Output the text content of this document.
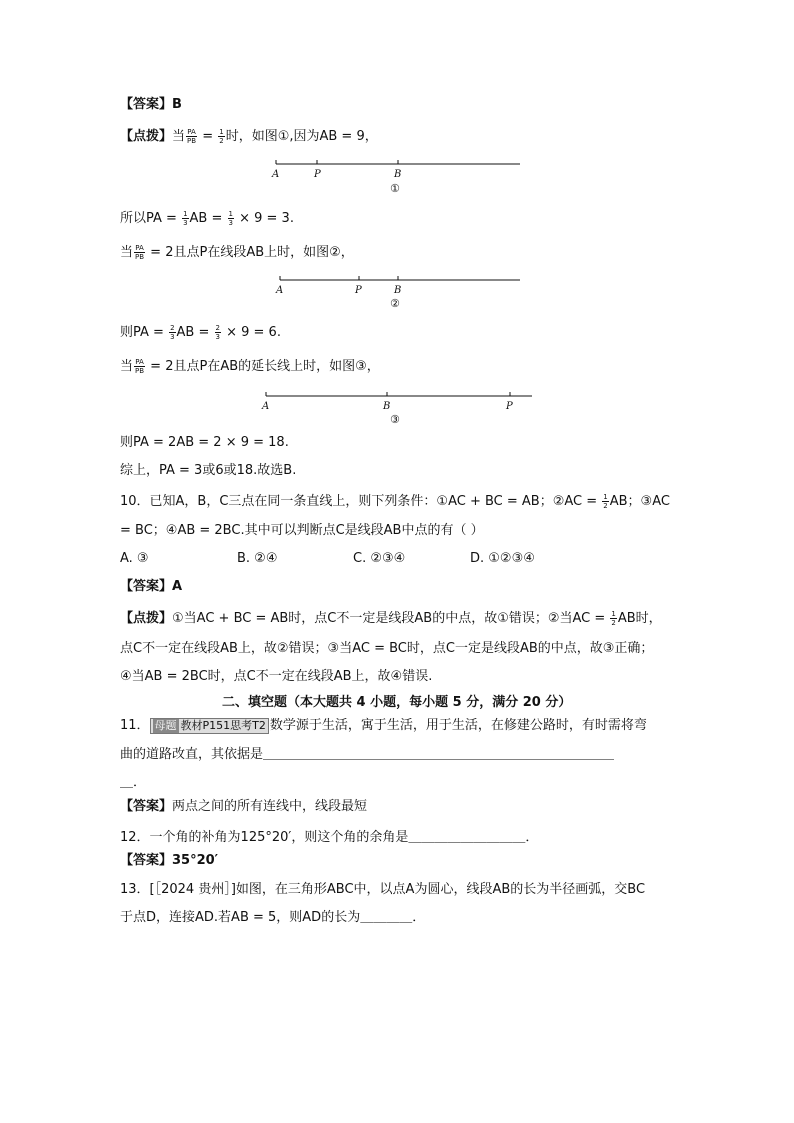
【答案】B
【点拨】当 $\frac{PA}{PB} = \frac{1}{2}$ 时，如图①,因为AB = 9，
A	P	B
①
所以PA = $\frac{1}{3}$ AB = $\frac{1}{3} \times 9 = 3$.
当 $\frac{PA}{PB} = 2$且点P在线段AB上时，如图②，
A	P	B
②
则PA = $\frac{2}{3}$ AB = $\frac{2}{3} \times 9 = 6$.
当 $\frac{PA}{PB} = 2$且点P在AB的延长线上时，如图③，
A	B	P
③
则PA = 2AB = 2 × 9 = 18.
综上，PA = 3或6或18.故选B.
10．已知A，B，C三点在同一条直线上，则下列条件：①AC + BC = AB；②AC = $\frac{1}{2}$ AB；③AC
= BC；④AB = 2BC.其中可以判断点C是线段AB中点的有（ ）
A. ③	B. ②④	C. ②③④	D. ①②③④
【答案】A
【点拨】①当AC + BC = AB时，点C不一定是线段AB的中点，故①错误；②当AC = $\frac{1}{2}$ AB时，
点C不一定在线段AB上，故②错误；③当AC = BC时，点C一定是线段AB的中点，故③正确；
④当AB = 2BC时，点C不一定在线段AB上，故④错误.
二、填空题（本大题共 4 小题，每小题 5 分，满分 20 分）
11． 母题 教材P151思考T2 数学源于生活，寓于生活，用于生活，在修建公路时，有时需将弯
曲的道路改直，其依据是＿＿＿＿＿＿＿＿＿＿＿＿＿＿＿＿＿＿＿＿＿＿＿＿＿＿＿
＿．
【答案】两点之间的所有连线中，线段最短
12．一个角的补角为125°20′，则这个角的余角是＿＿＿＿＿＿＿＿＿．
【答案】35°20′
13．[［2024 贵州］]如图，在三角形ABC中，以点A为圆心，线段AB的长为半径画弧，交BC
于点D，连接AD.若AB = 5，则AD的长为＿＿＿＿．
